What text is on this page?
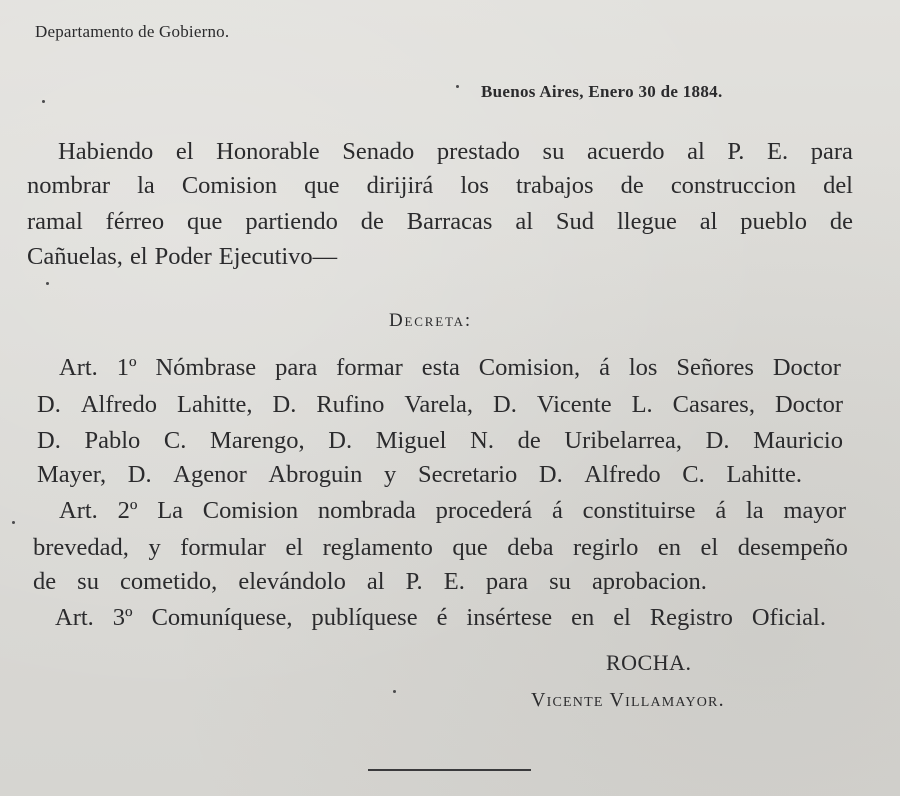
Departamento de Gobierno.
Buenos Aires, Enero 30 de 1884.
Habiendo el Honorable Senado prestado su acuerdo al P. E. para
nombrar la Comision que dirijirá los trabajos de construccion del
ramal férreo que partiendo de Barracas al Sud llegue al pueblo de
Cañuelas, el Poder Ejecutivo—
Decreta:
Art. 1º Nómbrase para formar esta Comision, á los Señores Doctor
D. Alfredo Lahitte, D. Rufino Varela, D. Vicente L. Casares, Doctor
D. Pablo C. Marengo, D. Miguel N. de Uribelarrea, D. Mauricio
Mayer, D. Agenor Abroguin y Secretario D. Alfredo C. Lahitte.
Art. 2º La Comision nombrada procederá á constituirse á la mayor
brevedad, y formular el reglamento que deba regirlo en el desempeño
de su cometido, elevándolo al P. E. para su aprobacion.
Art. 3º Comuníquese, publíquese é insértese en el Registro Oficial.
ROCHA.
Vicente Villamayor.
